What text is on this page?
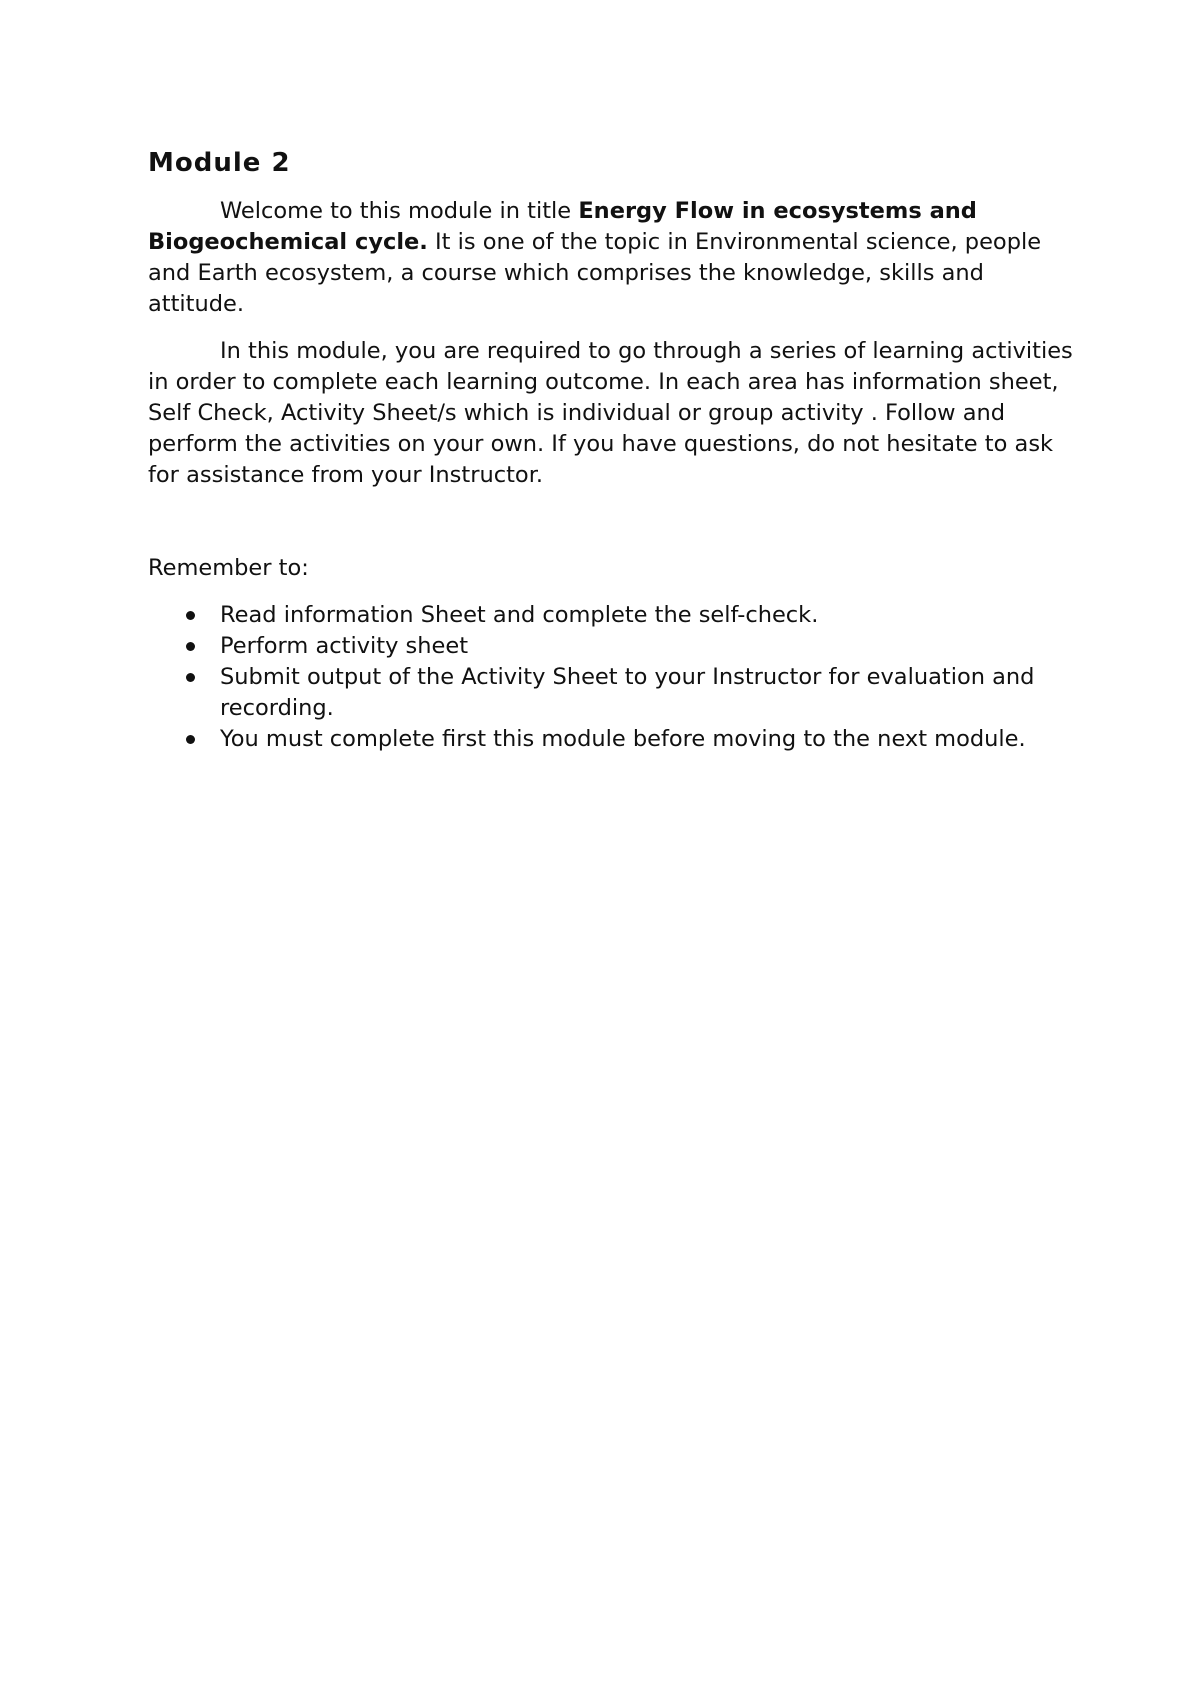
Module 2

Welcome to this module in title Energy Flow in ecosystems and Biogeochemical cycle. It is one of the topic in Environmental science, people and Earth ecosystem, a course which comprises the knowledge, skills and attitude.

In this module, you are required to go through a series of learning activities in order to complete each learning outcome. In each area has information sheet, Self Check, Activity Sheet/s which is individual or group activity . Follow and perform the activities on your own. If you have questions, do not hesitate to ask for assistance from your Instructor.

Remember to:

Read information Sheet and complete the self-check.
Perform activity sheet
Submit output of the Activity Sheet to your Instructor for evaluation and recording.
You must complete first this module before moving to the next module.
